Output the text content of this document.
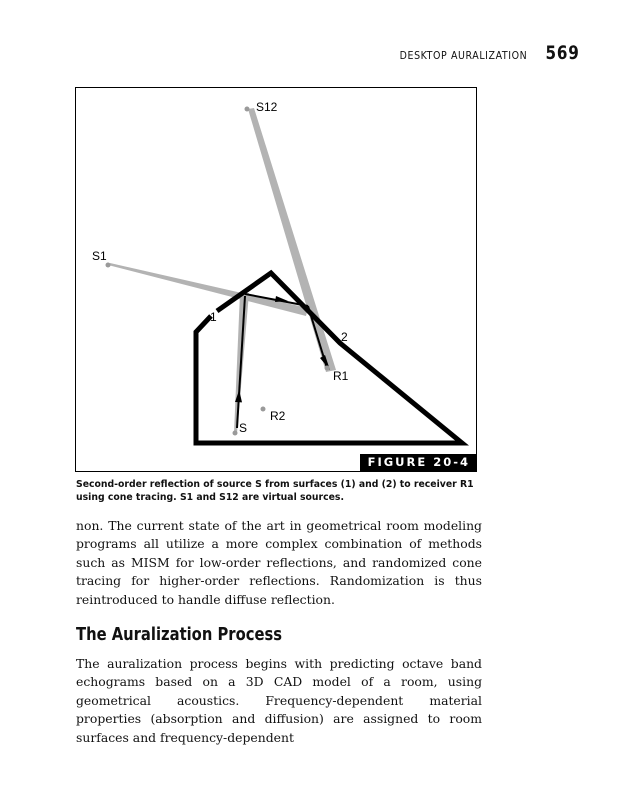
DESKTOP AURALIZATION 569
S12
S1
S
R1
R2
1
2
FIGURE 20-4
Second-order reflection of source S from surfaces (1) and (2) to receiver R1 using cone tracing. S1 and S12 are virtual sources.

non. The current state of the art in geometrical room modeling programs all utilize a more complex combination of methods such as MISM for low-order reflections, and randomized cone tracing for higher-order reflections. Randomization is thus reintroduced to handle diffuse reflection.

The Auralization Process

The auralization process begins with predicting octave band echograms based on a 3D CAD model of a room, using geometrical acoustics. Frequency-dependent material properties (absorption and diffusion) are assigned to room surfaces and frequency-dependent
